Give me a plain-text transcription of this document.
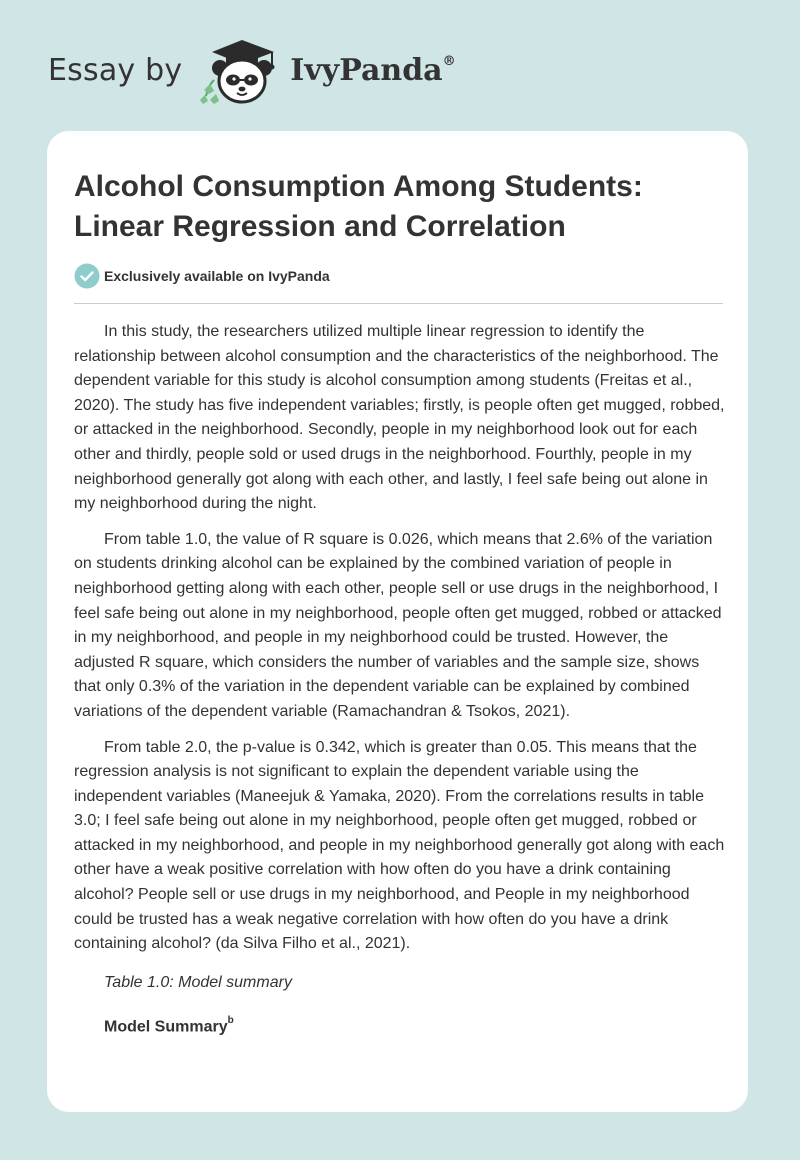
Essay by	IvyPanda®
Alcohol Consumption Among Students: Linear Regression and Correlation
Exclusively available on IvyPanda

In this study, the researchers utilized multiple linear regression to identify the relationship between alcohol consumption and the characteristics of the neighborhood. The dependent variable for this study is alcohol consumption among students (Freitas et al., 2020). The study has five independent variables; firstly, is people often get mugged, robbed, or attacked in the neighborhood. Secondly, people in my neighborhood look out for each other and thirdly, people sold or used drugs in the neighborhood. Fourthly, people in my neighborhood generally got along with each other, and lastly, I feel safe being out alone in my neighborhood during the night.

From table 1.0, the value of R square is 0.026, which means that 2.6% of the variation on students drinking alcohol can be explained by the combined variation of people in neighborhood getting along with each other, people sell or use drugs in the neighborhood, I feel safe being out alone in my neighborhood, people often get mugged, robbed or attacked in my neighborhood, and people in my neighborhood could be trusted. However, the adjusted R square, which considers the number of variables and the sample size, shows that only 0.3% of the variation in the dependent variable can be explained by combined variations of the dependent variable (Ramachandran & Tsokos, 2021).

From table 2.0, the p-value is 0.342, which is greater than 0.05. This means that the regression analysis is not significant to explain the dependent variable using the independent variables (Maneejuk & Yamaka, 2020). From the correlations results in table 3.0; I feel safe being out alone in my neighborhood, people often get mugged, robbed or attacked in my neighborhood, and people in my neighborhood generally got along with each other have a weak positive correlation with how often do you have a drink containing alcohol? People sell or use drugs in my neighborhood, and People in my neighborhood could be trusted has a weak negative correlation with how often do you have a drink containing alcohol? (da Silva Filho et al., 2021).

Table 1.0: Model summary
Model Summary$^b$
